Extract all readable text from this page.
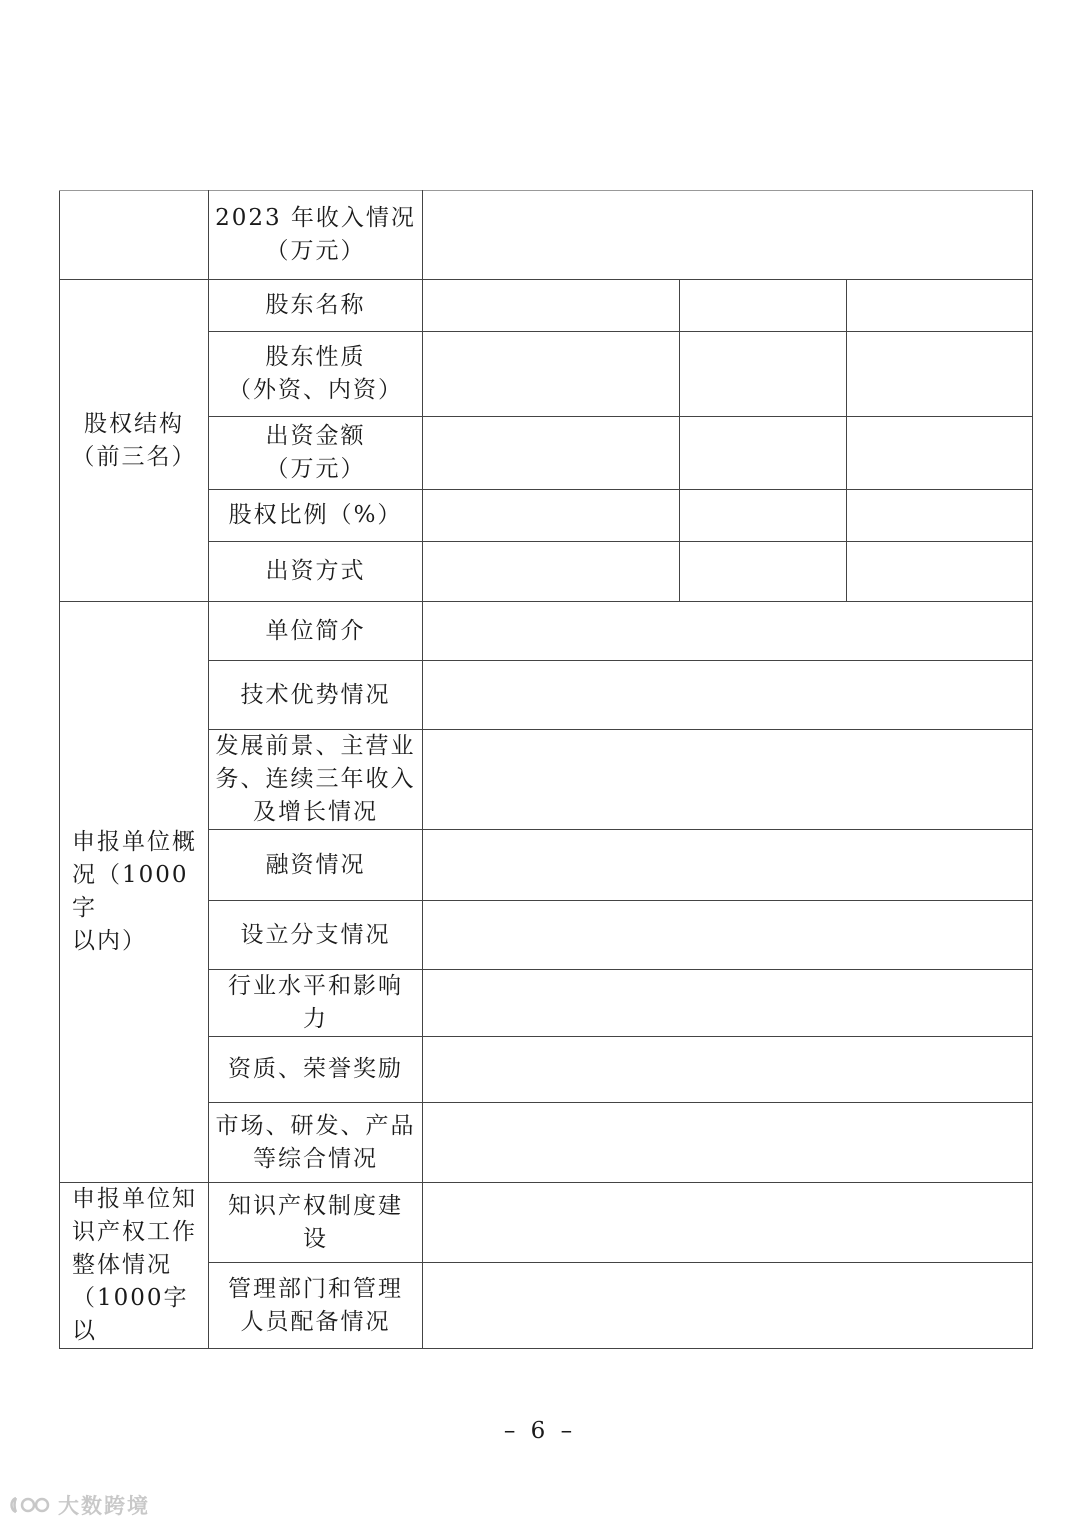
	2023 年收入情况
（万元）			

股权结构
（前三名）	股东名称			

	股东性质
（外资、内资）			

	出资金额
（万元）			

	股权比例（%）			
	出资方式			

申报单位概
况（1000 字
以内）	单位简介			

	技术优势情况			

	发展前景、主营业
务、连续三年收入
及增长情况			

	融资情况			

	设立分支情况			

	行业水平和影响
力			

	资质、荣誉奖励			

	市场、研发、产品
等综合情况			

申报单位知
识产权工作
整体情况
（1000字以	知识产权制度建
设			

	管理部门和管理
人员配备情况			

– 6 –
大数跨境
